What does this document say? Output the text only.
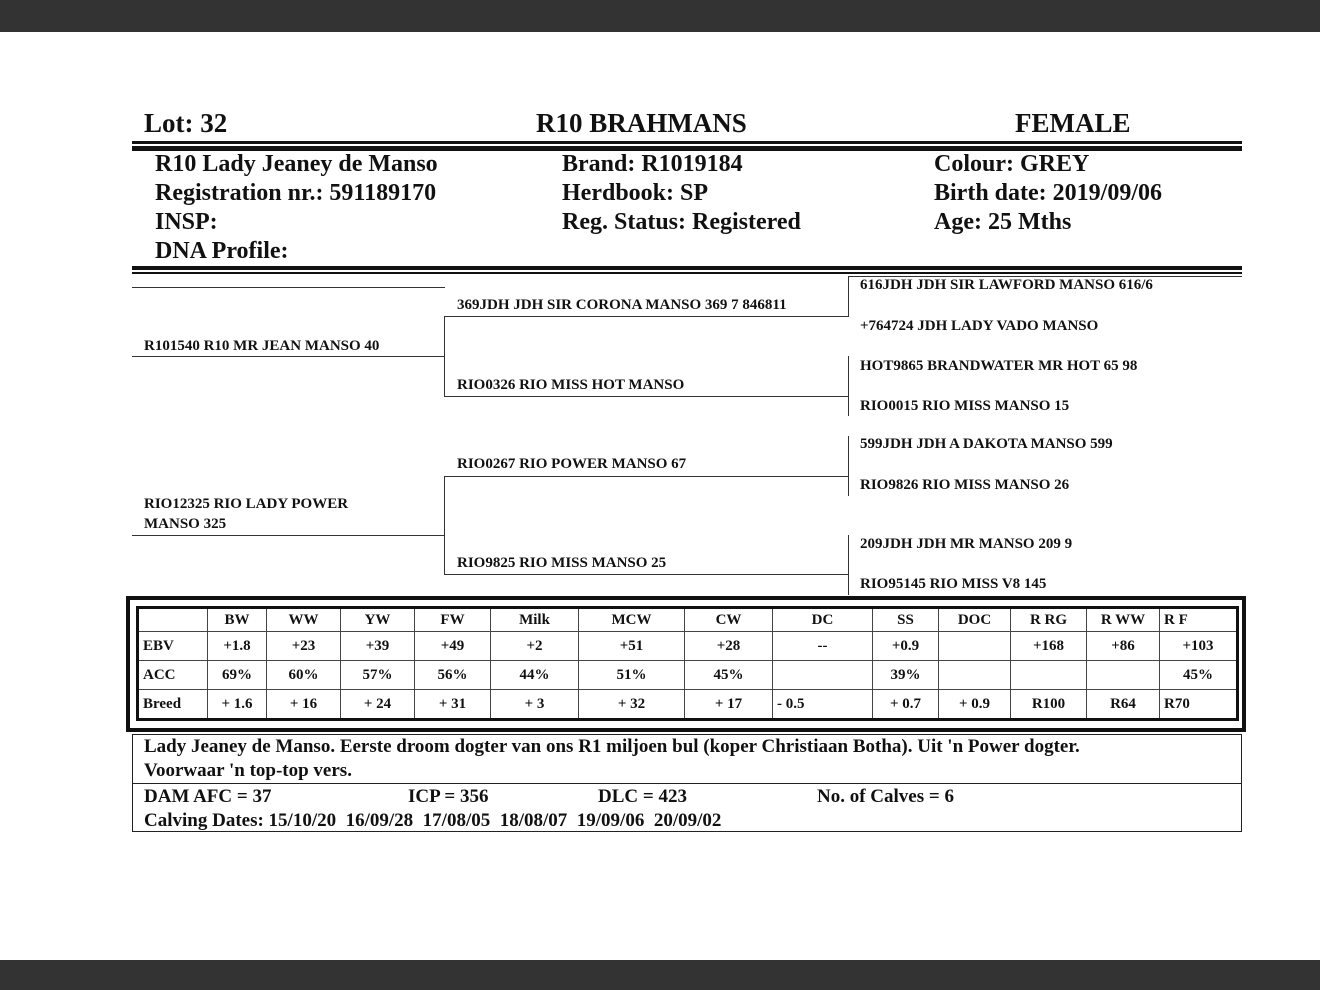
Lot: 32	R10 BRAHMANS	FEMALE
R10 Lady Jeaney de Manso
Registration nr.: 591189170
INSP:
DNA Profile:
Brand: R1019184
Herdbook: SP
Reg. Status: Registered
Colour: GREY
Birth date: 2019/09/06
Age: 25 Mths
R101540 R10 MR JEAN MANSO 40
RIO12325 RIO LADY POWER
MANSO 325
369JDH JDH SIR CORONA MANSO 369 7 846811
RIO0326 RIO MISS HOT MANSO
RIO0267 RIO POWER MANSO 67
RIO9825 RIO MISS MANSO 25
616JDH JDH SIR LAWFORD MANSO 616/6
+764724 JDH LADY VADO MANSO
HOT9865 BRANDWATER MR HOT 65 98
RIO0015 RIO MISS MANSO 15
599JDH JDH A DAKOTA MANSO 599
RIO9826 RIO MISS MANSO 26
209JDH JDH MR MANSO 209 9
RIO95145 RIO MISS V8 145
	BW	WW	YW	FW	Milk	MCW	CW	DC	SS	DOC	R RG	R WW	R F
EBV	+1.8	+23	+39	+49	+2	+51	+28	--	+0.9		+168	+86	+103
ACC	69%	60%	57%	56%	44%	51%	45%		39%				45%
Breed	+ 1.6	+ 16	+ 24	+ 31	+ 3	+ 32	+ 17	- 0.5	+ 0.7	+ 0.9	R100	R64	R70
Lady Jeaney de Manso. Eerste droom dogter van ons R1 miljoen bul (koper Christiaan Botha). Uit 'n Power dogter.
Voorwaar 'n top-top vers.
DAM AFC = 37	ICP = 356	DLC = 423	No. of Calves = 6
Calving Dates: 15/10/20  16/09/28  17/08/05  18/08/07  19/09/06  20/09/02
